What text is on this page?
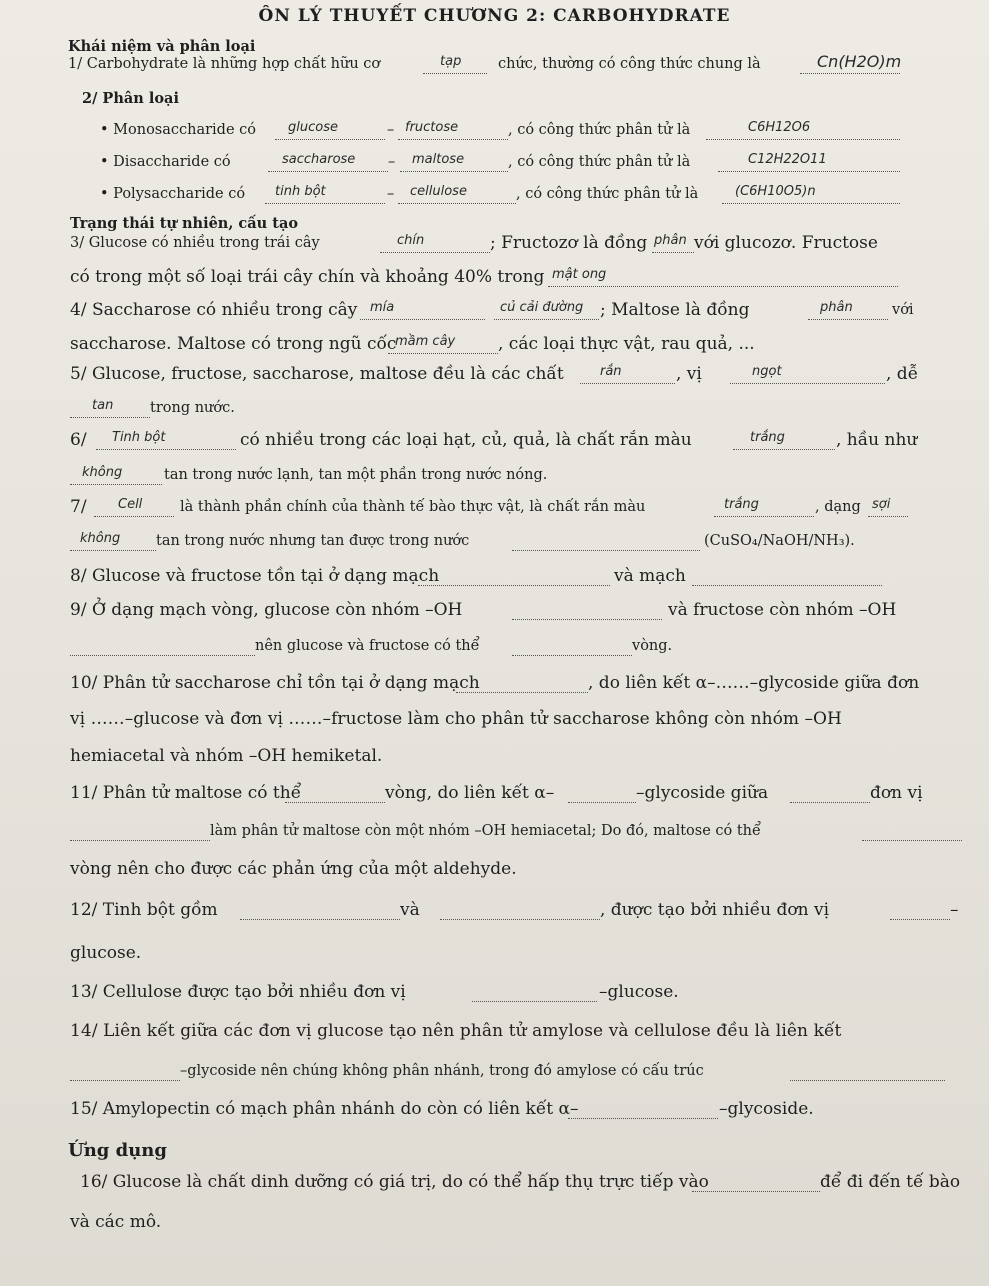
ÔN LÝ THUYẾT CHƯƠNG 2: CARBOHYDRATE
Khái niệm và phân loại
1/ Carbohydrate là những hợp chất hữu cơ	tạp	chức, thường có công thức chung là	Cn(H2O)m
2/ Phân loại
• Monosaccharide có glucose	– fructose	, có công thức phân tử là	C6H12O6
• Disaccharide có	saccharose – maltose	, có công thức phân tử là	C12H22O11
• Polysaccharide có tinh bột	– cellulose	, có công thức phân tử là	(C6H10O5)n
Trạng thái tự nhiên, cấu tạo
3/ Glucose có nhiều trong trái cây	chín	; Fructozơ là đồng phân với glucozơ. Fructose
có trong một số loại trái cây chín và khoảng 40% trong mật ong
4/ Saccharose có nhiều trong cây mía	củ cải đường ; Maltose là đồng	phân	với
saccharose. Maltose có trong ngũ cốc
mầm cây	, các loại thực vật, rau quả, ...
5/ Glucose, fructose, saccharose, maltose đều là các chất	rắn	, vị	ngọt	, dễ
tan	trong nước.
6/ Tinh bột	có nhiều trong các loại hạt, củ, quả, là chất rắn màu	trắng	, hầu như
không	tan trong nước lạnh, tan một phần trong nước nóng.
7/ Cell	là thành phần chính của thành tế bào thực vật, là chất rắn màu	trắng	, dạng sợi
không tan trong nước nhưng tan được trong nước	(CuSO₄/NaOH/NH₃).
8/ Glucose và fructose tồn tại ở dạng mạch	và mạch
9/ Ở dạng mạch vòng, glucose còn nhóm –OH	và fructose còn nhóm –OH
nên glucose và fructose có thể	vòng.
10/ Phân tử saccharose chỉ tồn tại ở dạng mạch	, do liên kết α–……–glycoside giữa đơn
vị ……–glucose và đơn vị ……–fructose làm cho phân tử saccharose không còn nhóm –OH
hemiacetal và nhóm –OH hemiketal.
11/ Phân tử maltose có thể	vòng, do liên kết α–	–glycoside giữa	đơn vị
làm phân tử maltose còn một nhóm –OH hemiacetal; Do đó, maltose có thể
vòng nên cho được các phản ứng của một aldehyde.
12/ Tinh bột gồm	và	, được tạo bởi nhiều đơn vị	–
glucose.
13/ Cellulose được tạo bởi nhiều đơn vị	–glucose.
14/ Liên kết giữa các đơn vị glucose tạo nên phân tử amylose và cellulose đều là liên kết
–glycoside nên chúng không phân nhánh, trong đó amylose có cấu trúc
15/ Amylopectin có mạch phân nhánh do còn có liên kết α–	–glycoside.
Ứng dụng
16/ Glucose là chất dinh dưỡng có giá trị, do có thể hấp thụ trực tiếp vào	để đi đến tế bào
và các mô.
